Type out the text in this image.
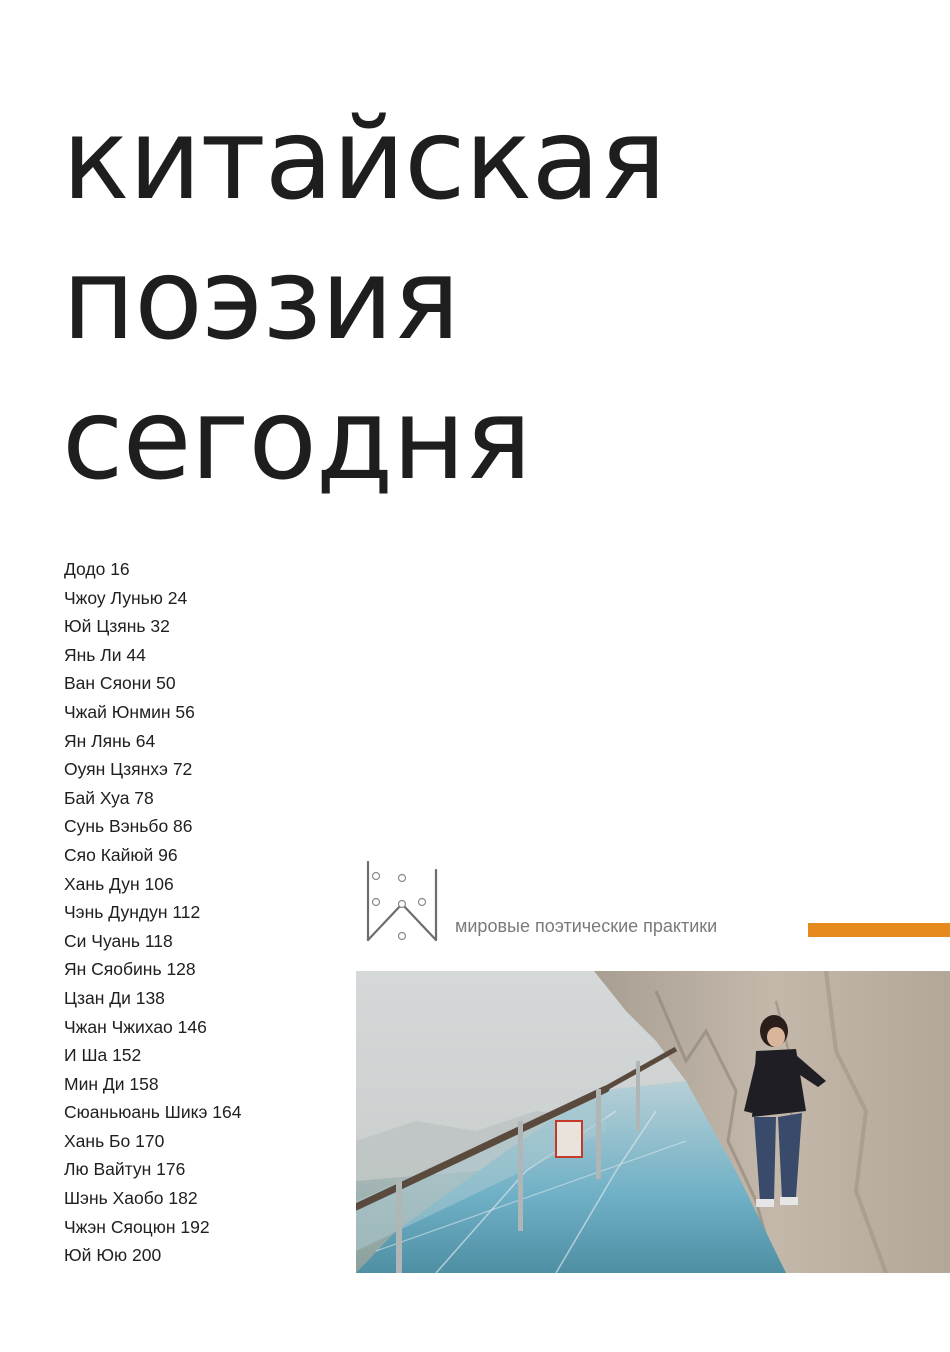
китайская
поэзия
сегодня
Додо 16
Чжоу Лунью 24
Юй Цзянь 32
Янь Ли 44
Ван Сяони 50
Чжай Юнмин 56
Ян Лянь 64
Оуян Цзянхэ 72
Бай Хуа 78
Сунь Вэньбо 86
Сяо Кайюй 96
Хань Дун 106
Чэнь Дундун 112
Си Чуань 118
Ян Сяобинь 128
Цзан Ди 138
Чжан Чжихао 146
И Ша 152
Мин Ди 158
Сюаньюань Шикэ 164
Хань Бо 170
Лю Вайтун 176
Шэнь Хаобо 182
Чжэн Сяоцюн 192
Юй Юю 200
мировые поэтические практики
